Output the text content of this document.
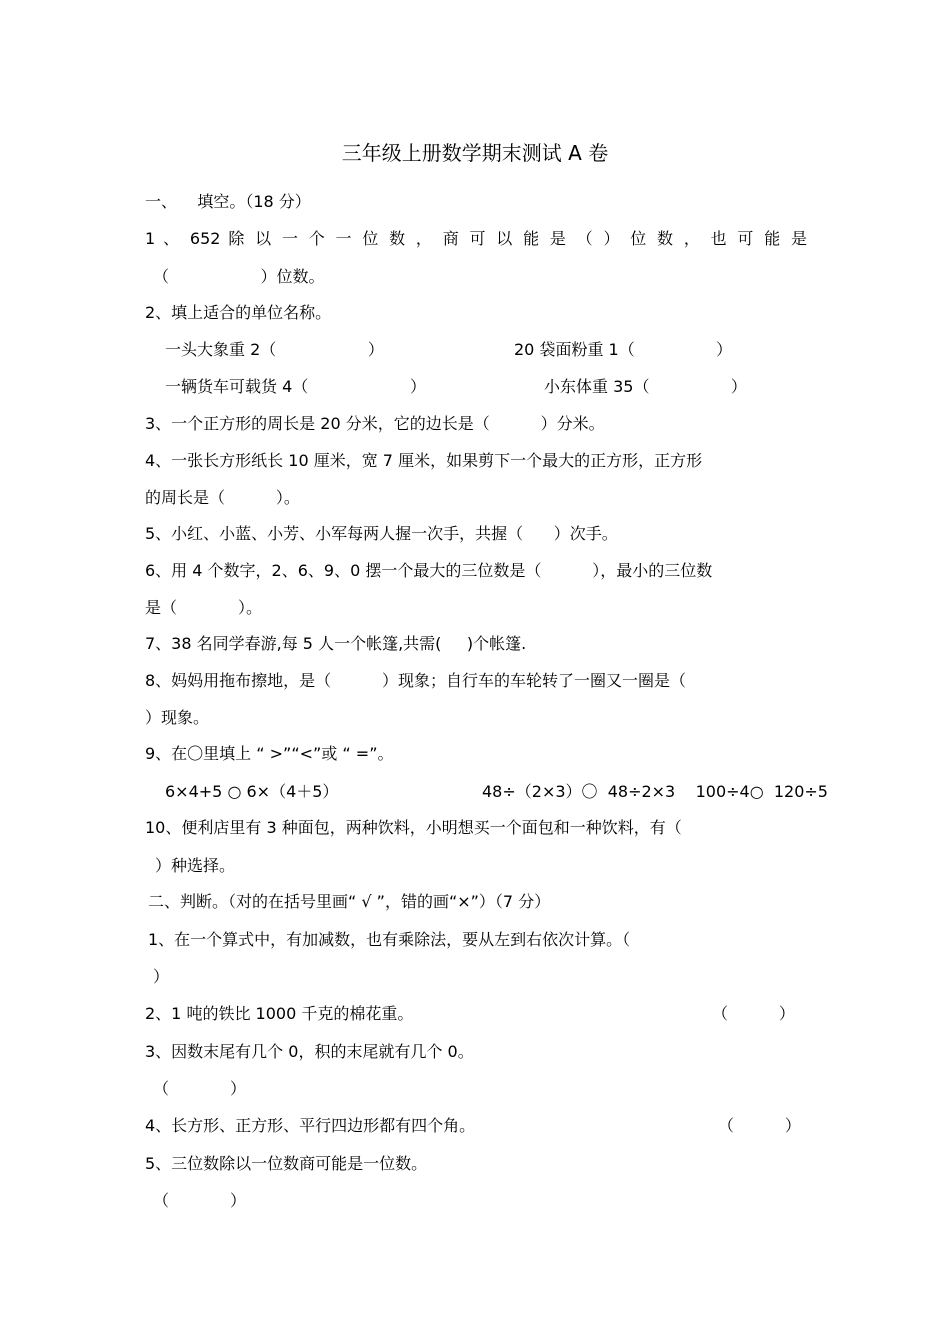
三年级上册数学期末测试 A 卷
一、    填空。（18 分）
1 、 652 除 以 一 个 一 位 数 ， 商 可 以 能 是 （ ） 位 数 ， 也 可 能 是
（                  ）位数。
2、填上适合的单位名称。
一头大象重 2（                  ）	20 袋面粉重 1（                ）
一辆货车可载货 4（                    ）	小东体重 35（                ）
3、一个正方形的周长是 20 分米，它的边长是（          ）分米。
4、一张长方形纸长 10 厘米，宽 7 厘米，如果剪下一个最大的正方形，正方形
的周长是（          ）。
5、小红、小蓝、小芳、小军每两人握一次手，共握（      ）次手。
6、用 4 个数字，2、6、9、0 摆一个最大的三位数是（          ），最小的三位数
是（            ）。
7、38 名同学春游,每 5 人一个帐篷,共需(     )个帐篷.
8、妈妈用拖布擦地，是（          ）现象；自行车的车轮转了一圈又一圈是（
）现象。
9、在〇里填上 “ >”“<”或 “ =”。
6×4+5 ○ 6×（4＋5）	48÷（2×3）〇  48÷2×3    100÷4○  120÷5
10、便利店里有 3 种面包，两种饮料，小明想买一个面包和一种饮料，有（
）种选择。
二、判断。（对的在括号里画“ √ ”，错的画“×”）（7 分）
1、在一个算式中，有加减数，也有乘除法，要从左到右依次计算。（
）
2、1 吨的铁比 1000 千克的棉花重。	（          ）
3、因数末尾有几个 0，积的末尾就有几个 0。
（            ）
4、长方形、正方形、平行四边形都有四个角。	（          ）
5、三位数除以一位数商可能是一位数。
（            ）
